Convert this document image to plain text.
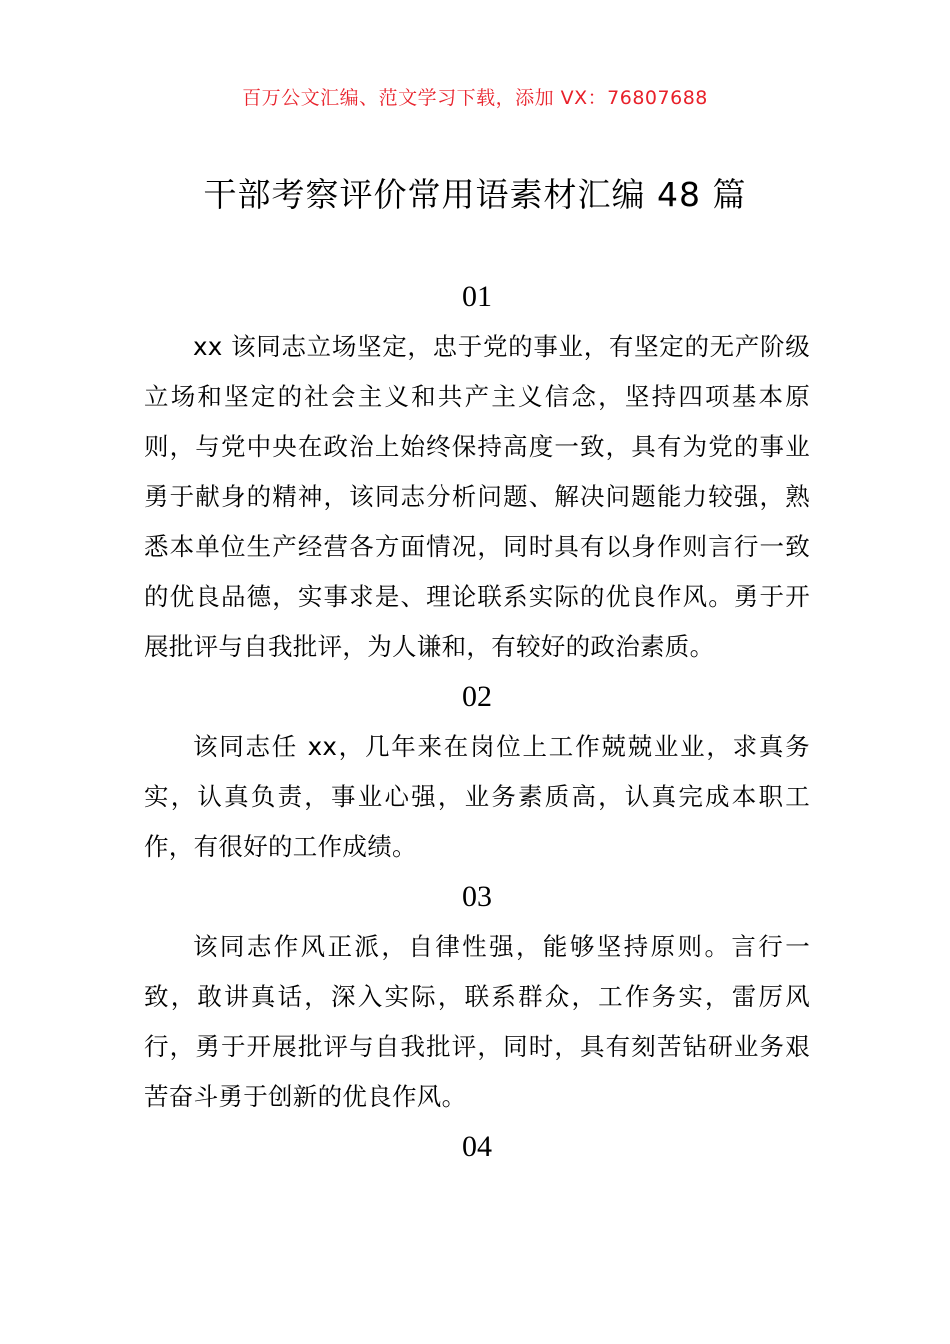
百万公文汇编、范文学习下载，添加 VX：76807688
干部考察评价常用语素材汇编 48 篇
01

xx 该同志立场坚定，忠于党的事业，有坚定的无产阶级立场和坚定的社会主义和共产主义信念，坚持四项基本原则，与党中央在政治上始终保持高度一致，具有为党的事业勇于献身的精神，该同志分析问题、解决问题能力较强，熟悉本单位生产经营各方面情况，同时具有以身作则言行一致的优良品德，实事求是、理论联系实际的优良作风。勇于开展批评与自我批评，为人谦和，有较好的政治素质。

02

该同志任 xx，几年来在岗位上工作兢兢业业，求真务实，认真负责，事业心强，业务素质高，认真完成本职工作，有很好的工作成绩。

03

该同志作风正派，自律性强，能够坚持原则。言行一致，敢讲真话，深入实际，联系群众，工作务实，雷厉风行，勇于开展批评与自我批评，同时，具有刻苦钻研业务艰苦奋斗勇于创新的优良作风。

04
